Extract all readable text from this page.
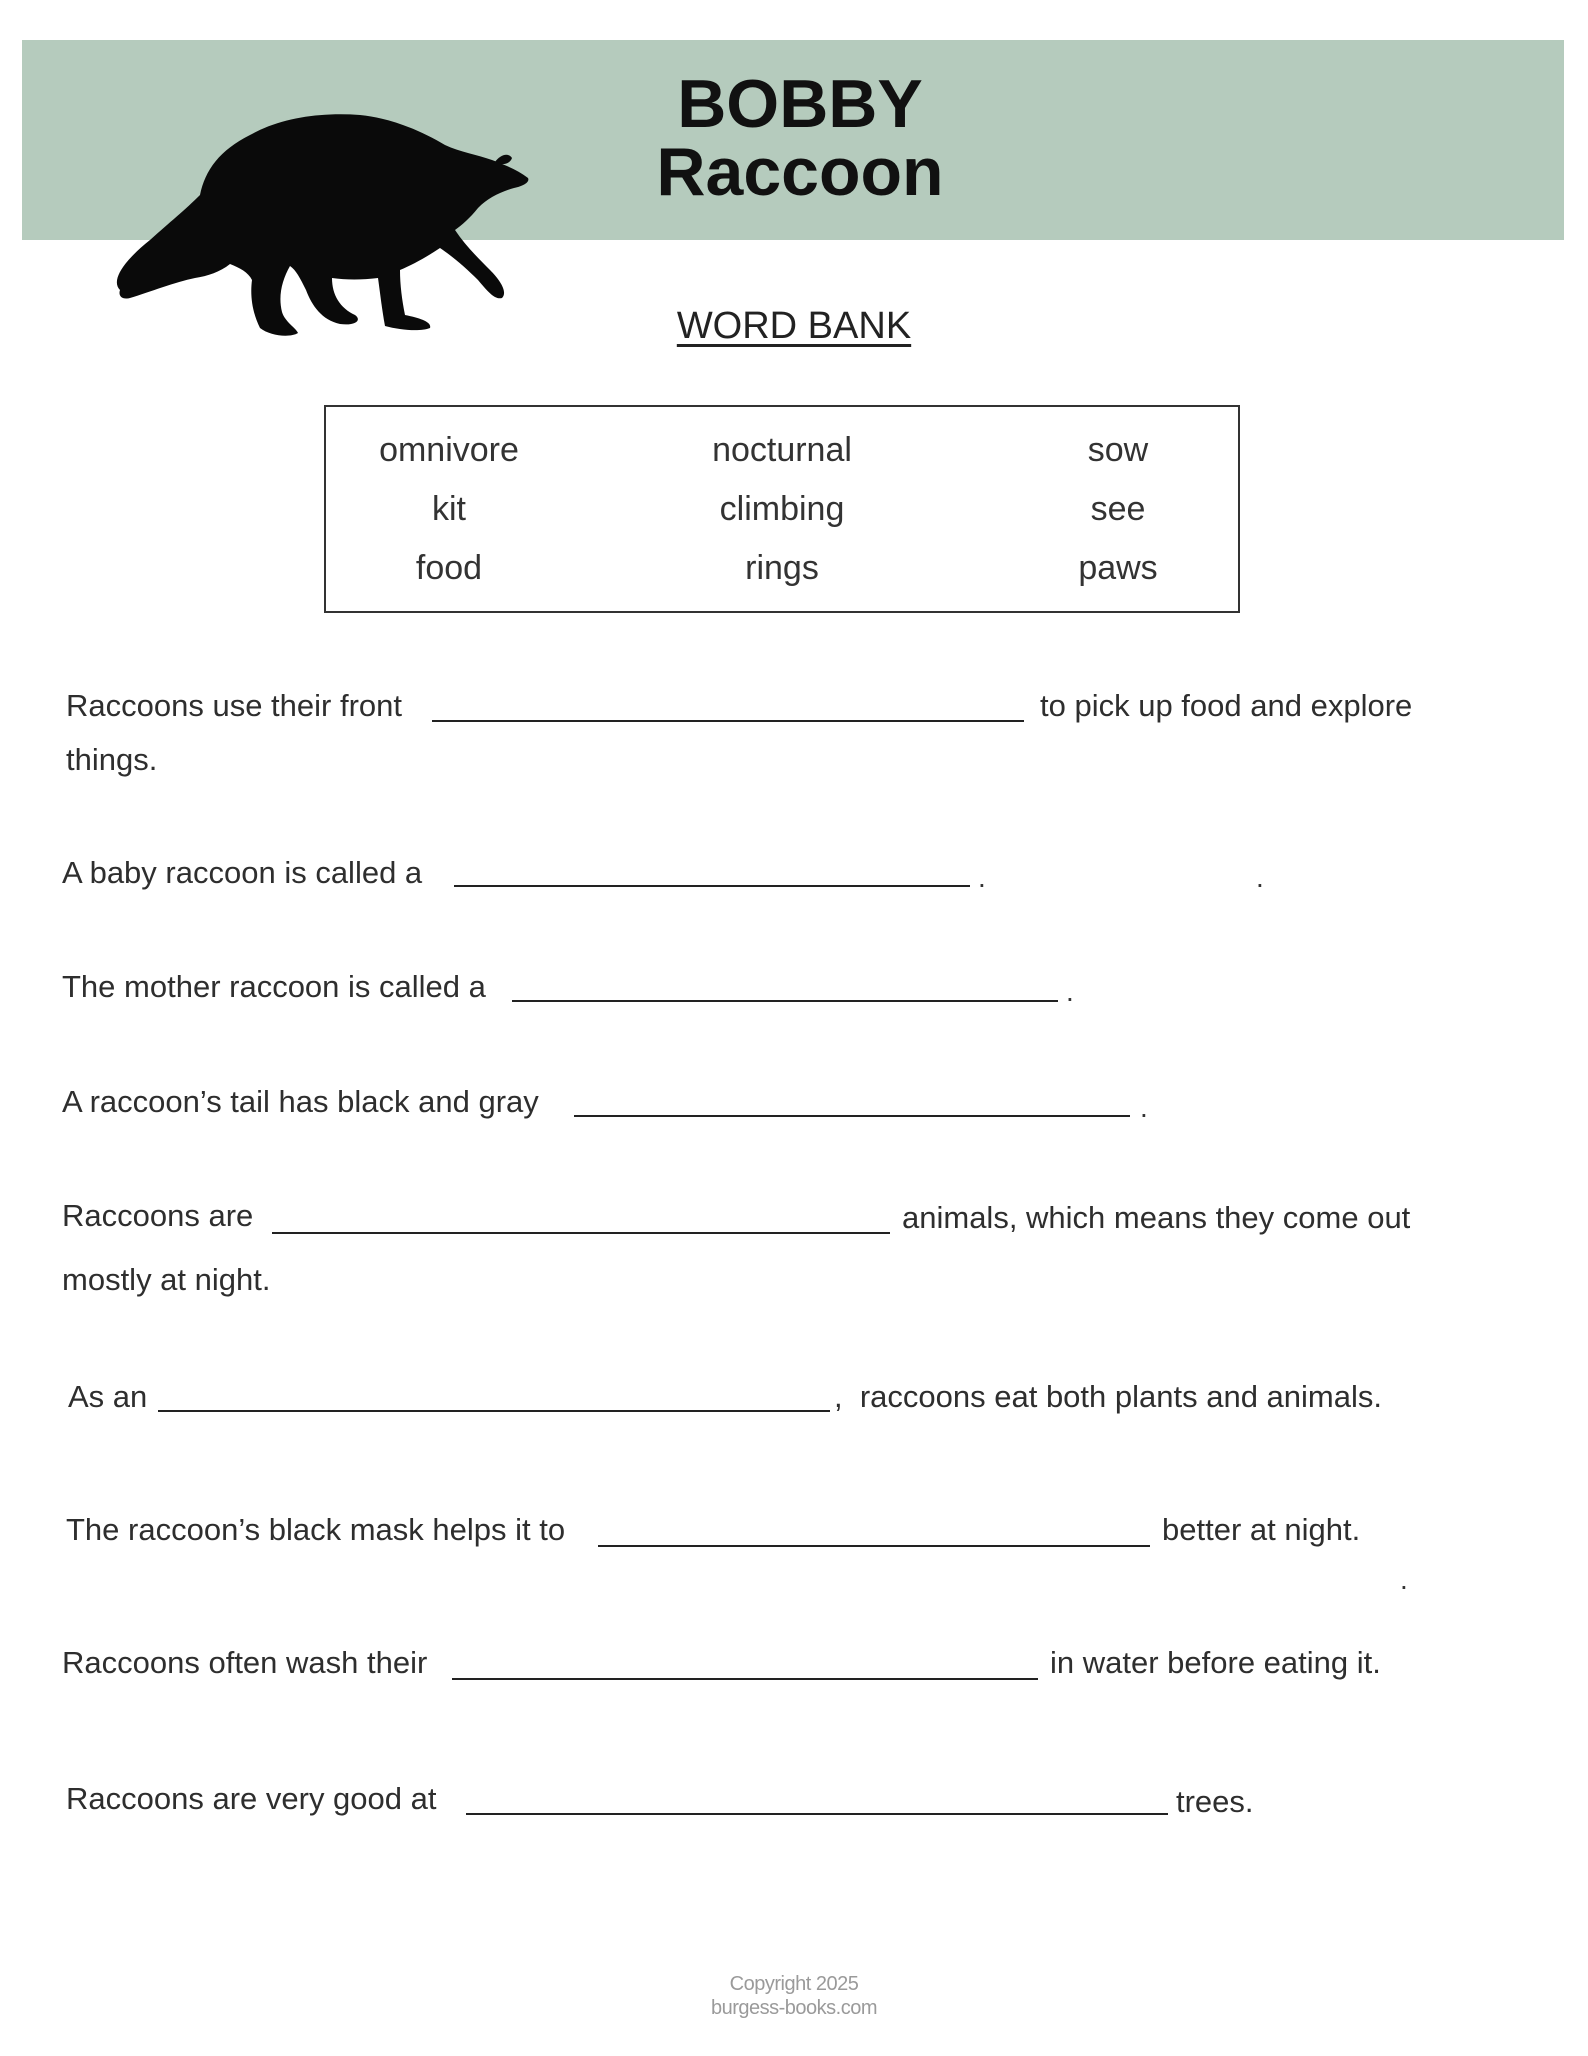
BOBBY
Raccoon
WORD BANK
omnivore	nocturnal	sow
kit	climbing	see
food	rings	paws
Raccoons use their front	to pick up food and explore
things.
A baby raccoon is called a	.	.
The mother raccoon is called a	.
A raccoon’s tail has black and gray	.
Raccoons are	animals, which means they come out
mostly at night.
As an	,  raccoons eat both plants and animals.
The raccoon’s black mask helps it to	better at night.
.
Raccoons often wash their	in water before eating it.
Raccoons are very good at	trees.
Copyright 2025
burgess-books.com
